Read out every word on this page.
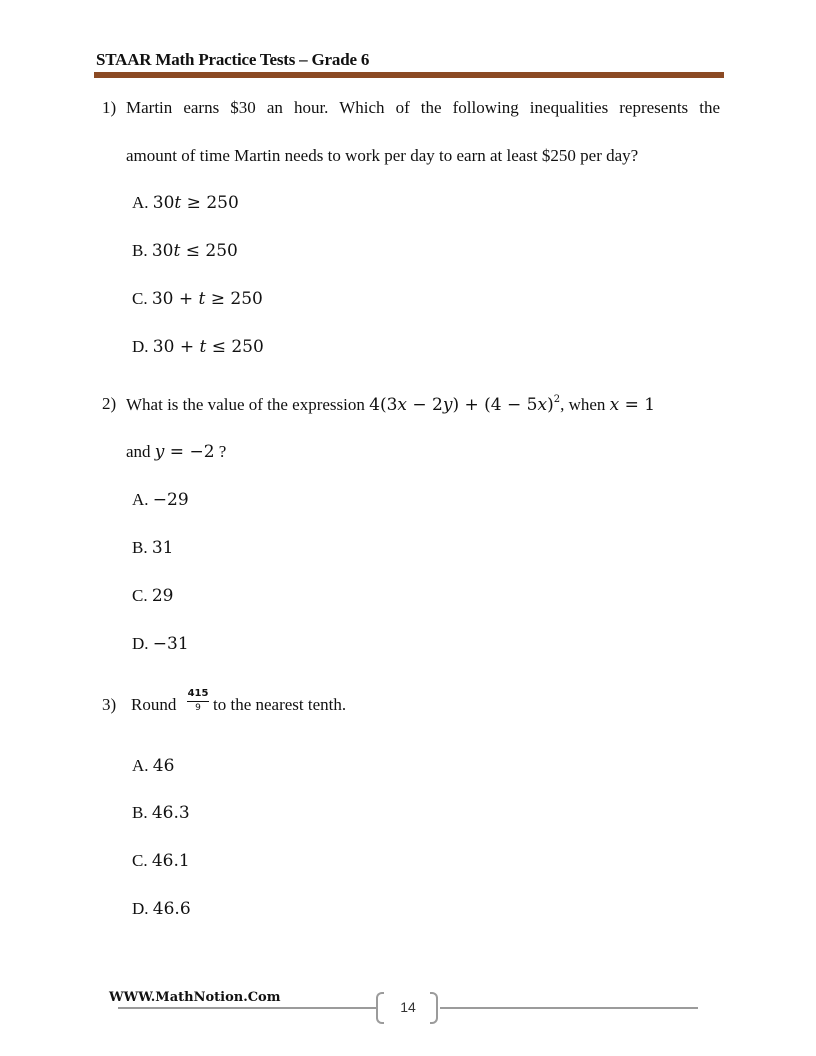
STAAR Math Practice Tests – Grade 6
1) Martin earns $30 an hour. Which of the following inequalities represents the
amount of time Martin needs to work per day to earn at least $250 per day?
A. 30t ≥ 250
B. 30t ≤ 250
C. 30 + t ≥ 250
D. 30 + t ≤ 250
2) What is the value of the expression $4(3x - 2y) + (4 - 5x)^2$, when x = 1
and y = −2 ?
A. −29
B. 31
C. 29
D. −31
3) Round
415
9 to the nearest tenth.
A. 46
B. 46.3
C. 46.1
D. 46.6
WWW.MathNotion.Com
14
